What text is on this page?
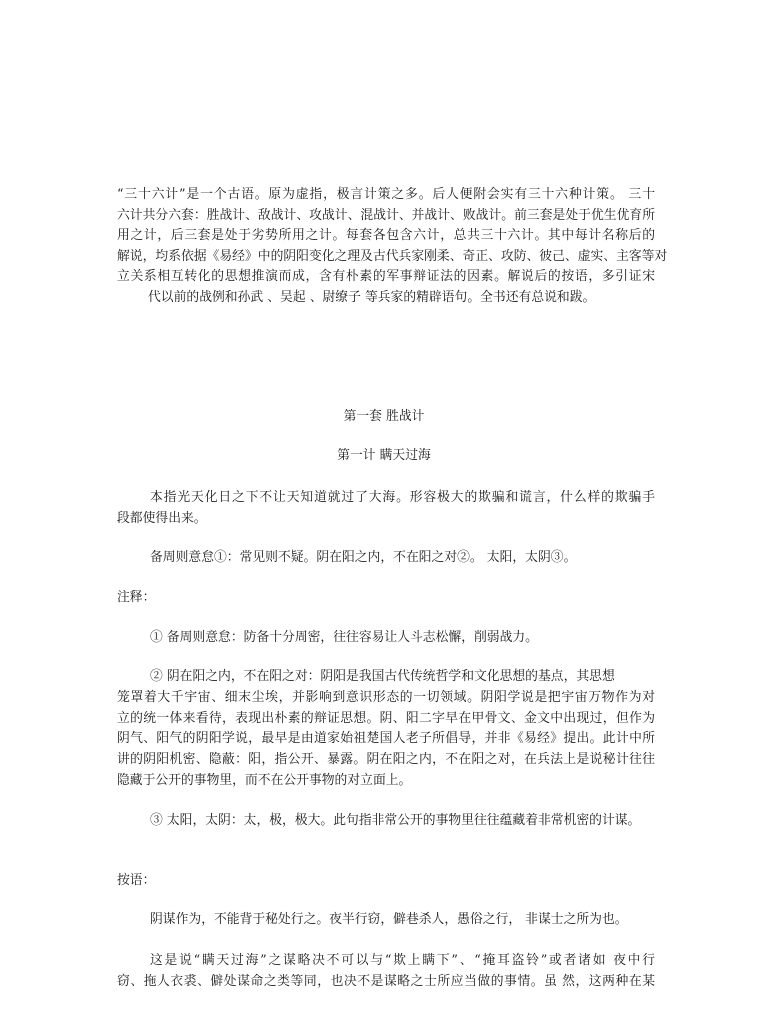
“三十六计”是一个古语。原为虚指，极言计策之多。后人便附会实有三十六种计策。 三十
六计共分六套：胜战计、敌战计、攻战计、混战计、并战计、败战计。前三套是处于优生优育所
用之计，后三套是处于劣势所用之计。每套各包含六计，总共三十六计。其中每计名称后的
解说，均系依据《易经》中的阴阳变化之理及古代兵家刚柔、奇正、攻防、彼己、虚实、主客等对
立关系相互转化的思想推演而成，含有朴素的军事辩证法的因素。解说后的按语，多引证宋
代以前的战例和孙武 、吴起 、尉缭子 等兵家的精辟语句。全书还有总说和跋。
第一套 胜战计
第一计 瞒天过海
本指光天化日之下不让天知道就过了大海。形容极大的欺骗和谎言，什么样的欺骗手
段都使得出来。
备周则意怠①：常见则不疑。阴在阳之内，不在阳之对②。 太阳，太阴③。
注释：
① 备周则意怠：防备十分周密，往往容易让人斗志松懈，削弱战力。
② 阴在阳之内，不在阳之对：阴阳是我国古代传统哲学和文化思想的基点，其思想
笼罩着大千宇宙、细末尘埃，并影响到意识形态的一切领域。阴阳学说是把宇宙万物作为对
立的统一体来看待，表现出朴素的辩证思想。阴、阳二字早在甲骨文、金文中出现过，但作为
阴气、阳气的阴阳学说，最早是由道家始祖楚国人老子所倡导，并非《易经》提出。此计中所
讲的阴阳机密、隐蔽：阳，指公开、暴露。阴在阳之内，不在阳之对，在兵法上是说秘计往往
隐藏于公开的事物里，而不在公开事物的对立面上。
③ 太阳，太阴：太，极，极大。此句指非常公开的事物里往往蕴藏着非常机密的计谋。
按语：
阴谋作为，不能背于秘处行之。夜半行窃，僻巷杀人，愚俗之行， 非谋士之所为也。
这是说“瞒天过海”之谋略决不可以与“欺上瞒下”、“掩耳盗铃”或者诸如 夜中行
窃、拖人衣裘、僻处谋命之类等同，也决不是谋略之士所应当做的事情。虽 然，这两种在某
